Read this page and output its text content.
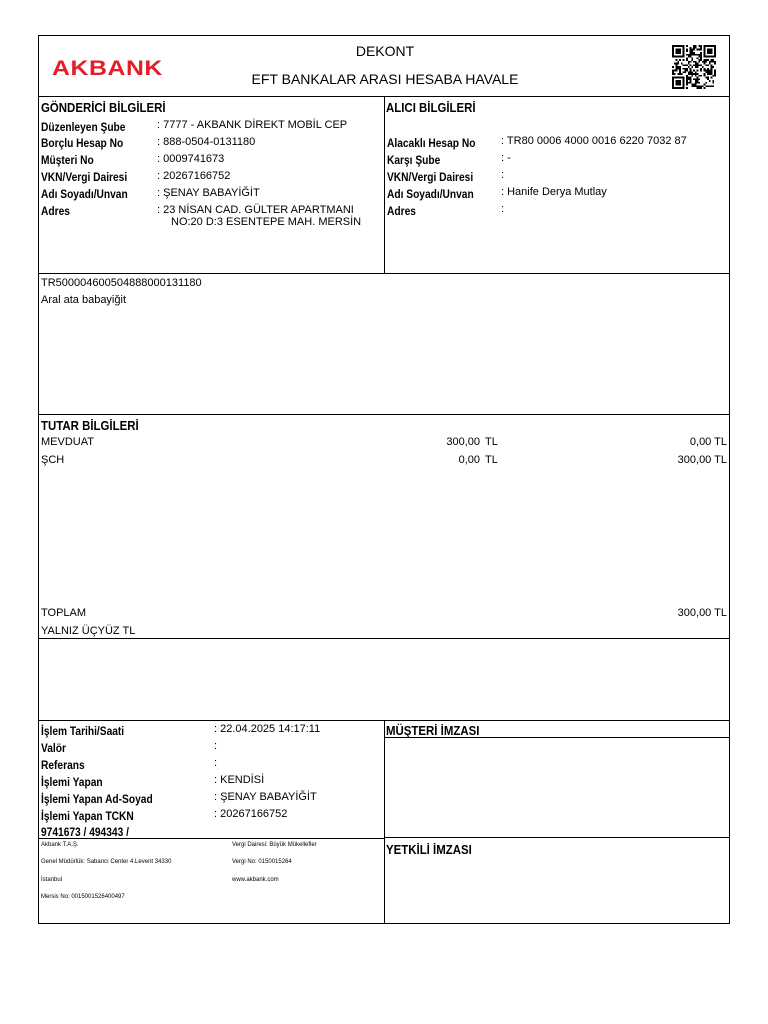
AKBANK
DEKONT
EFT BANKALAR ARASI HESABA HAVALE
GÖNDERİCİ BİLGİLERİ
Düzenleyen Şube	: 7777 - AKBANK DİREKT MOBİL CEP
Borçlu Hesap No	: 888-0504-0131180
Müşteri No	: 0009741673
VKN/Vergi Dairesi	: 20267166752
Adı Soyadı/Unvan	: ŞENAY BABAYİĞİT
Adres	: 23 NİSAN CAD. GÜLTER APARTMANI
NO:20 D:3 ESENTEPE MAH. MERSİN
ALICI BİLGİLERİ
Alacaklı Hesap No : TR80 0006 4000 0016 6220 7032 87
Karşı Şube	: -
VKN/Vergi Dairesi	:
Adı Soyadı/Unvan : Hanife Derya Mutlay
Adres	:
TR500004600504888000131180
Aral ata babayiğit
TUTAR BİLGİLERİ
MEVDUAT	300,00 TL	0,00 TL
ŞCH	0,00 TL	300,00 TL
TOPLAM	300,00 TL
YALNIZ ÜÇYÜZ TL
İşlem Tarihi/Saati	: 22.04.2025 14:17:11
Valör	:
Referans	:
İşlemi Yapan	: KENDİSİ
İşlemi Yapan Ad-Soyad	: ŞENAY BABAYİĞİT
İşlemi Yapan TCKN	: 20267166752
9741673 / 494343 /
Akbank T.A.Ş.
Genel Müdürlük: Sabancı Center 4.Levent 34330
İstanbul
Mersis No: 0015001526400497
Vergi Dairesi: Büyük Mükellefler
Vergi No: 0150015264
www.akbank.com
MÜŞTERİ İMZASI
YETKİLİ İMZASI
